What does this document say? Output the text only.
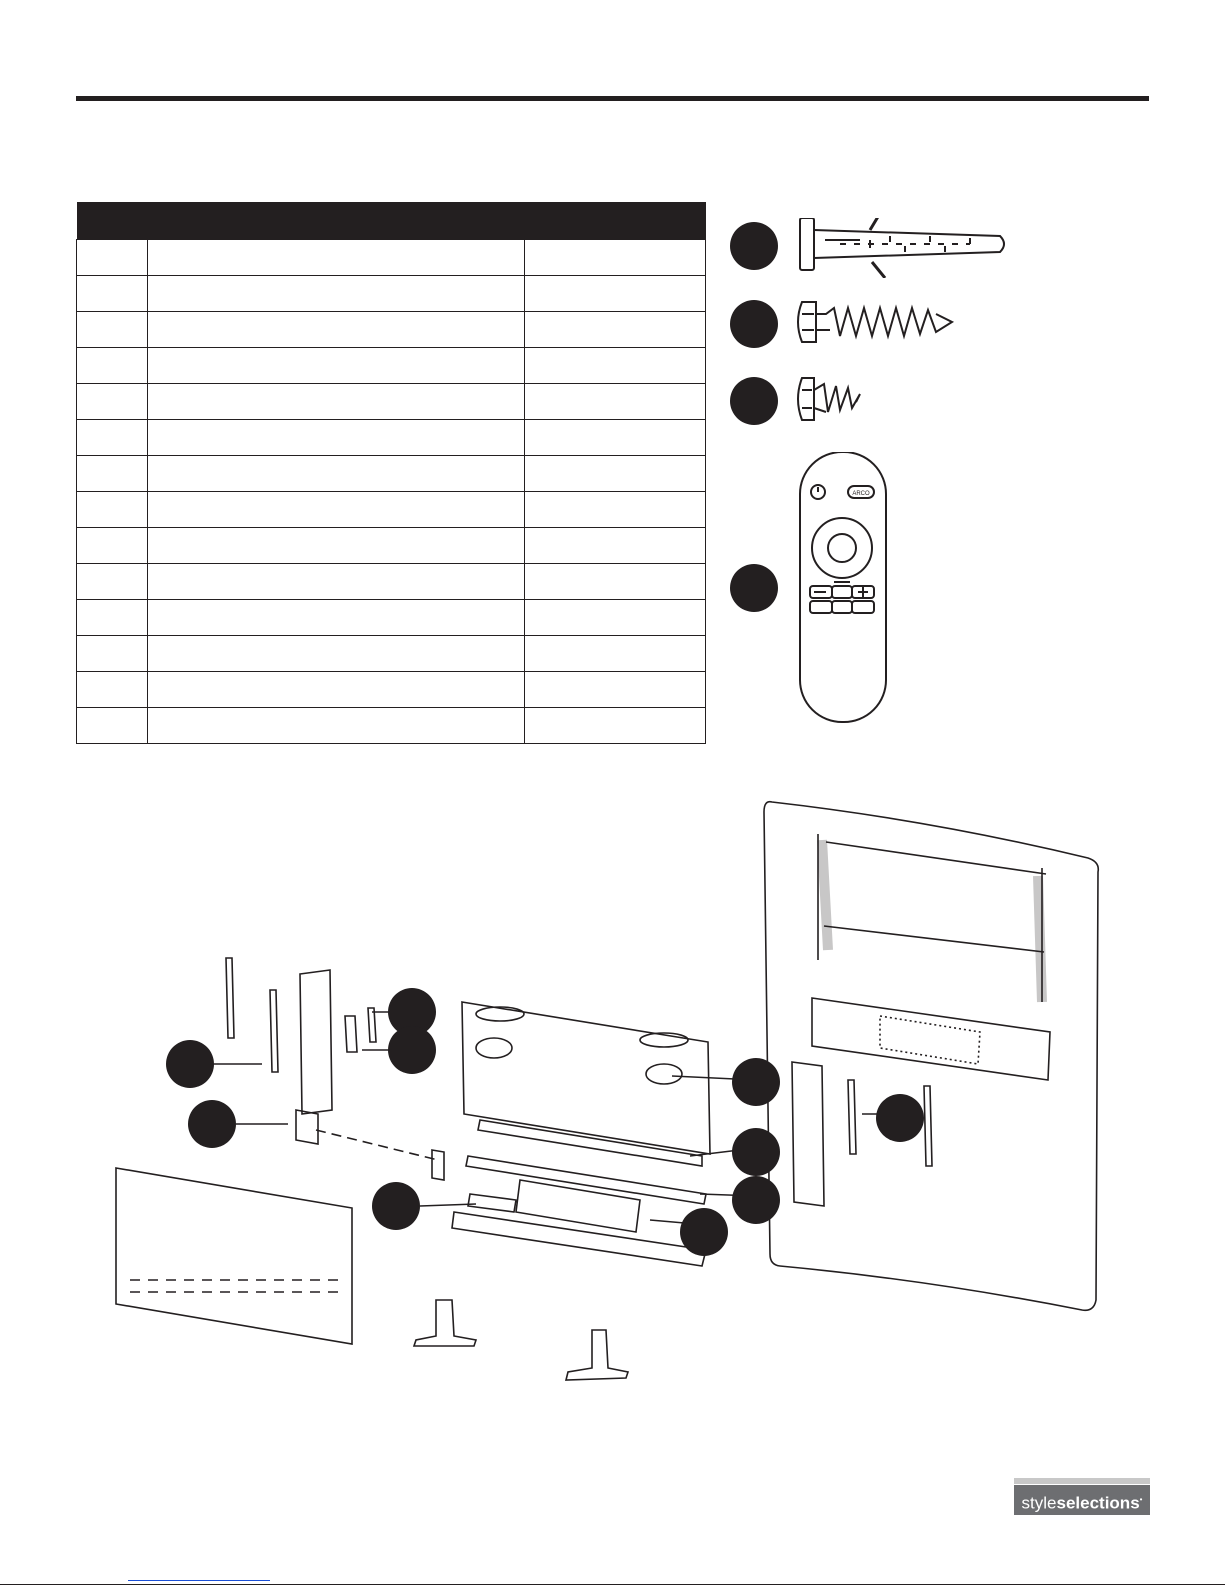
ARCO
styleselections•
